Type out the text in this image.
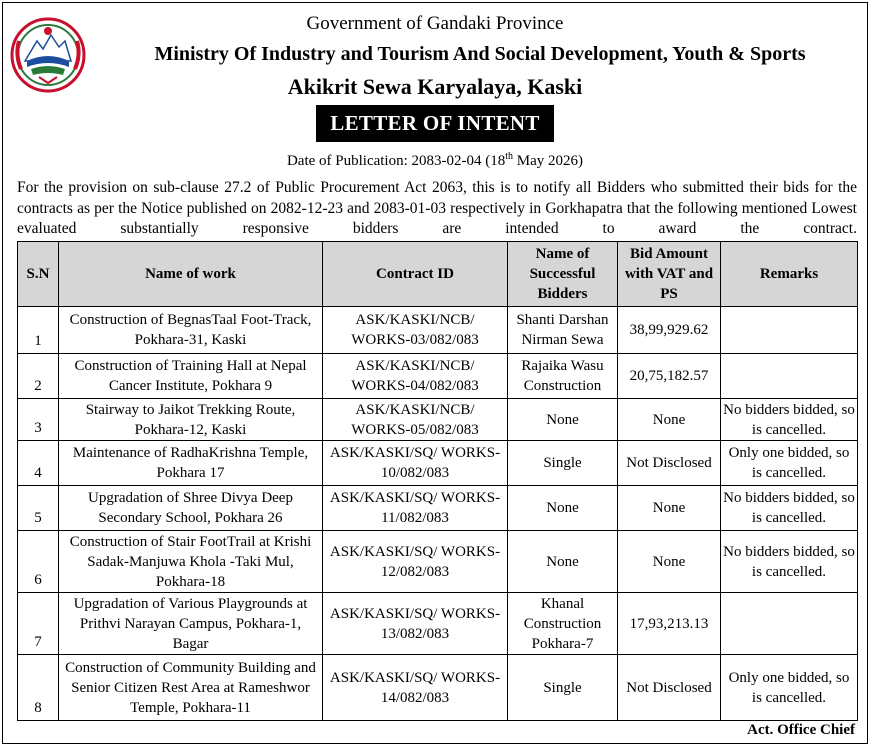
Government of Gandaki Province
Ministry Of Industry and Tourism And Social Development, Youth & Sports
Akikrit Sewa Karyalaya, Kaski
LETTER OF INTENT
Date of Publication: 2083-02-04 (18th May 2026)

For the provision on sub-clause 27.2 of Public Procurement Act 2063, this is to notify all Bidders who submitted their bids for the contracts as per the Notice published on 2082-12-23 and 2083-01-03 respectively in Gorkhapatra that the following mentioned Lowest evaluated substantially responsive bidders are intended to award the contract.

S.N	Name of work	Contract ID	Name of Successful Bidders	Bid Amount with VAT and PS	Remarks
1	Construction of BegnasTaal Foot-Track, Pokhara-31, Kaski	ASK/KASKI/NCB/ WORKS-03/082/083	Shanti Darshan Nirman Sewa	38,99,929.62	
2	Construction of Training Hall at Nepal Cancer Institute, Pokhara 9	ASK/KASKI/NCB/ WORKS-04/082/083	Rajaika Wasu Construction	20,75,182.57	
3	Stairway to Jaikot Trekking Route, Pokhara-12, Kaski	ASK/KASKI/NCB/ WORKS-05/082/083	None	None	No bidders bidded, so is cancelled.
4	Maintenance of RadhaKrishna Temple, Pokhara 17	ASK/KASKI/SQ/ WORKS-10/082/083	Single	Not Disclosed	Only one bidded, so is cancelled.
5	Upgradation of Shree Divya Deep Secondary School, Pokhara 26	ASK/KASKI/SQ/ WORKS-11/082/083	None	None	No bidders bidded, so is cancelled.
6	Construction of Stair FootTrail at Krishi Sadak-Manjuwa Khola -Taki Mul, Pokhara-18	ASK/KASKI/SQ/ WORKS-12/082/083	None	None	No bidders bidded, so is cancelled.
7	Upgradation of Various Playgrounds at Prithvi Narayan Campus, Pokhara-1, Bagar	ASK/KASKI/SQ/ WORKS-13/082/083	Khanal Construction Pokhara-7	17,93,213.13	
8	Construction of Community Building and Senior Citizen Rest Area at Rameshwor Temple, Pokhara-11	ASK/KASKI/SQ/ WORKS-14/082/083	Single	Not Disclosed	Only one bidded, so is cancelled.
Act. Office Chief
